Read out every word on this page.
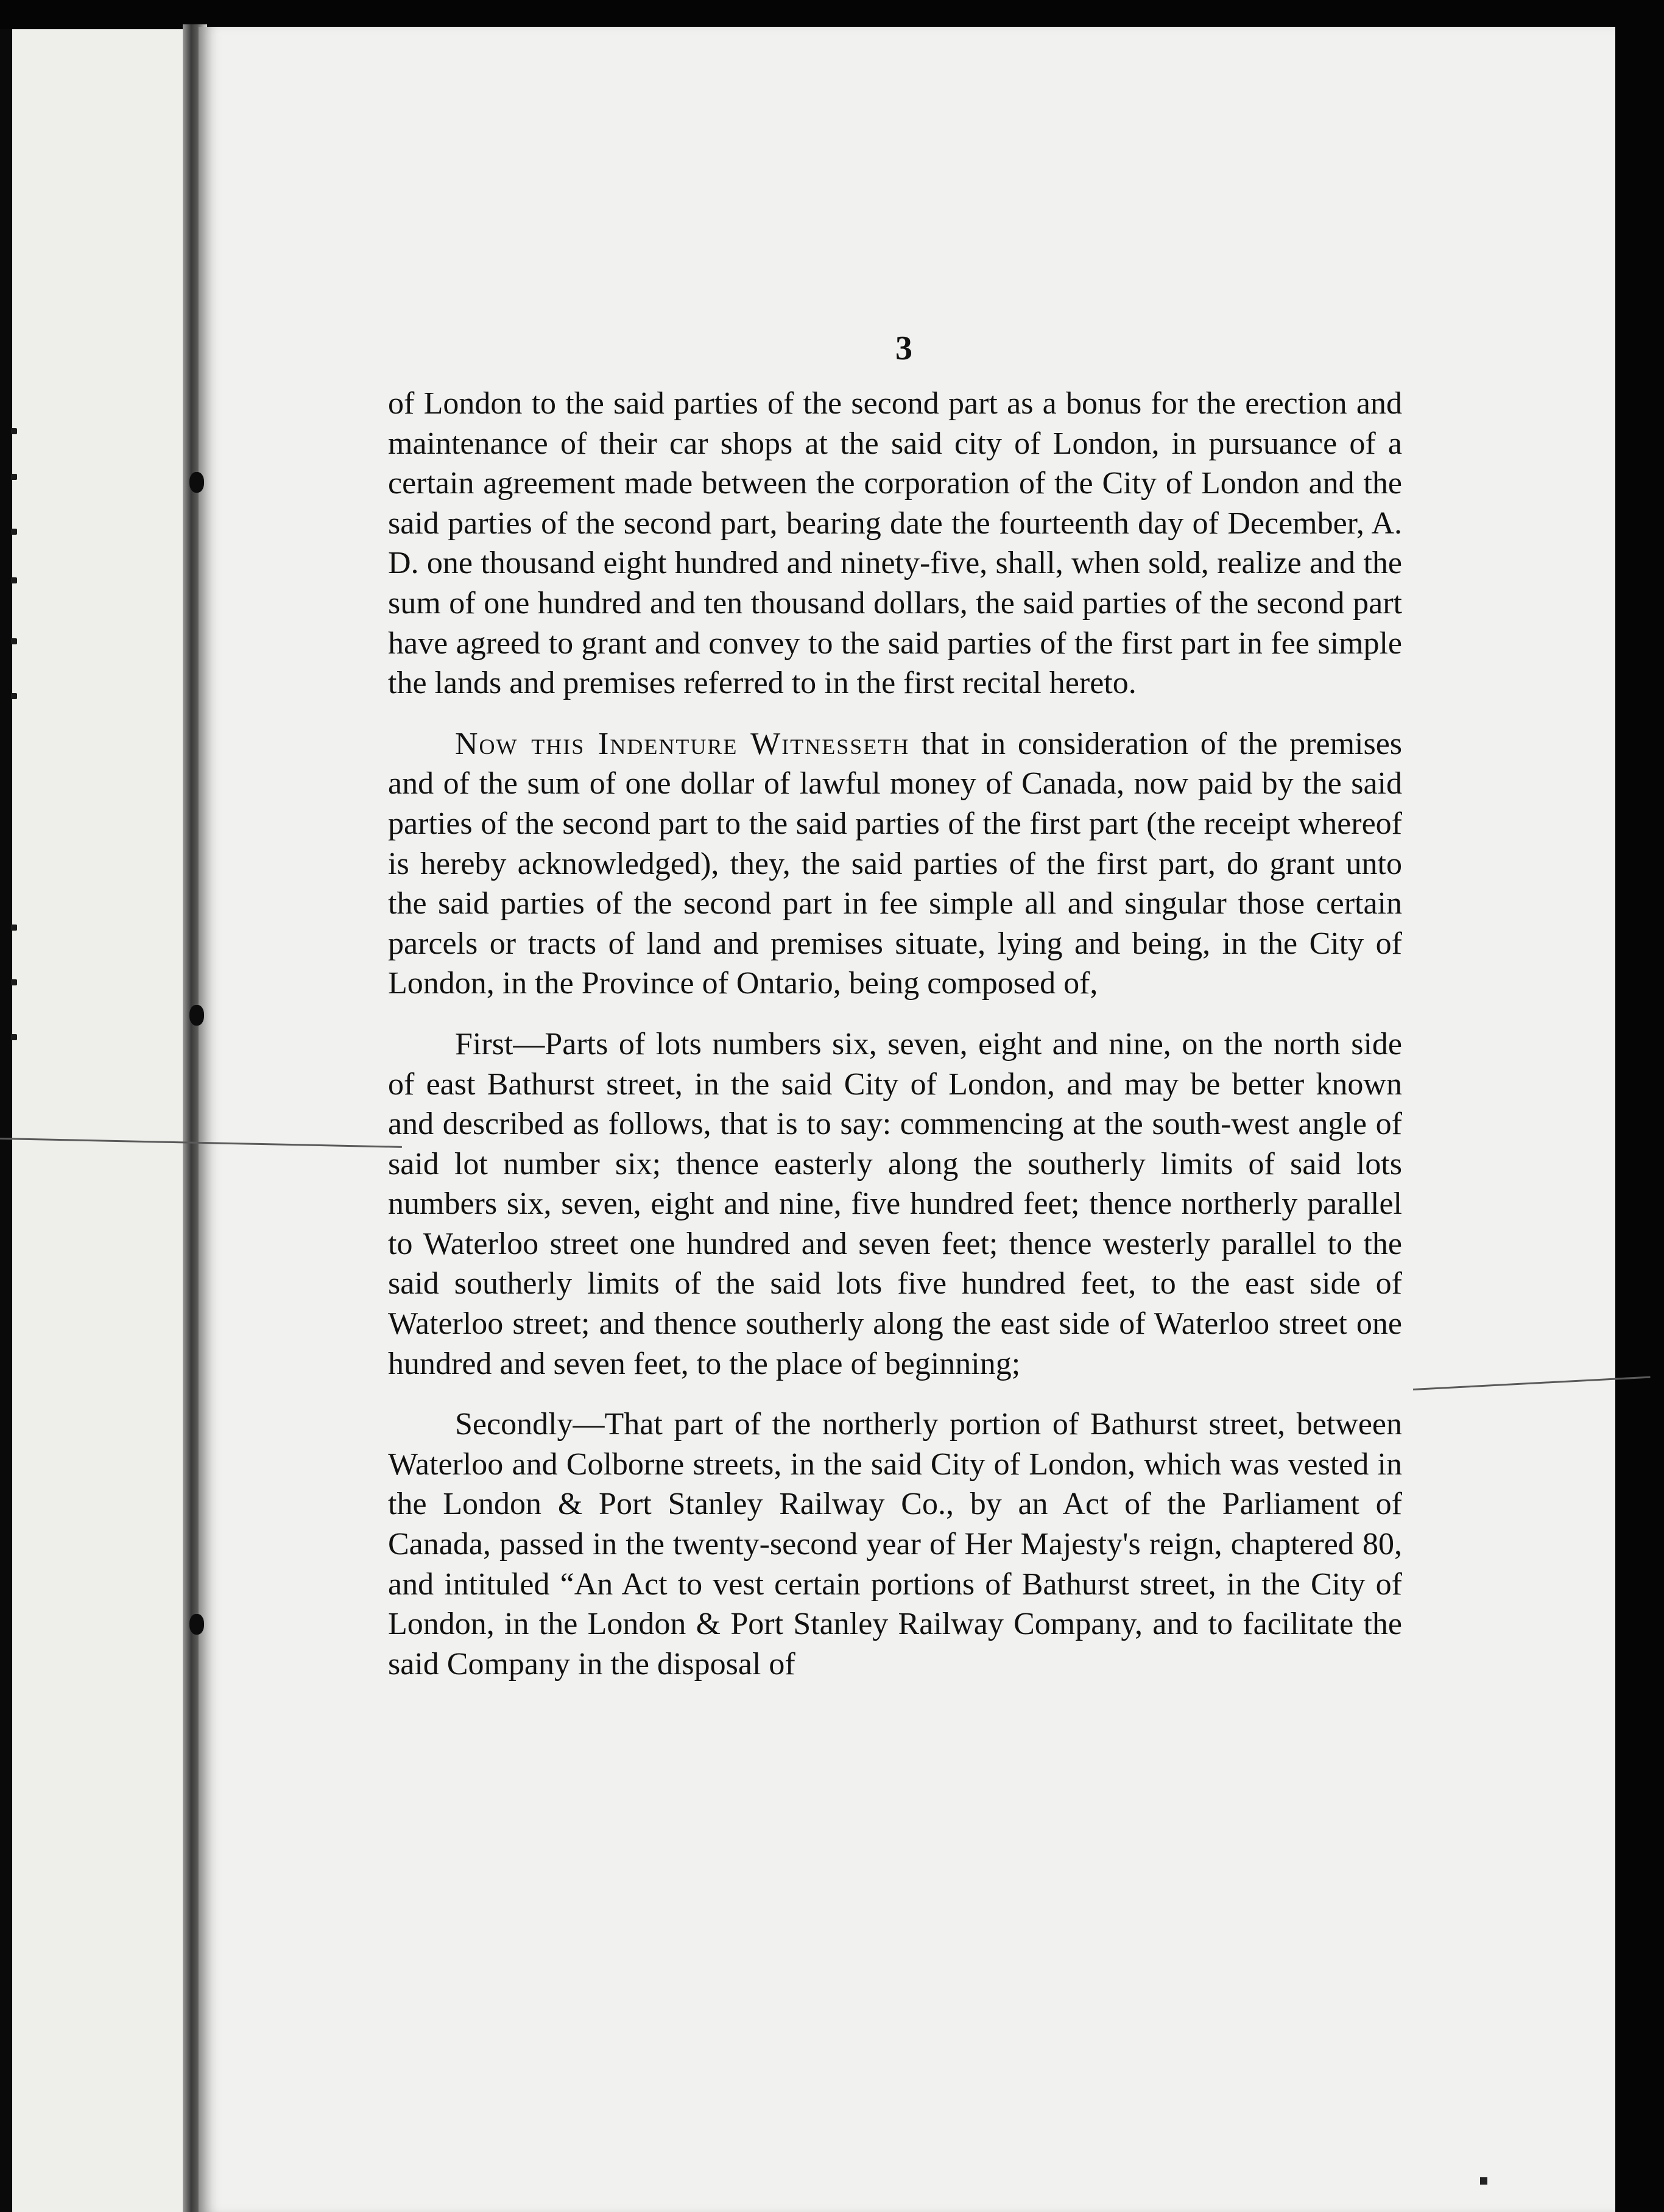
3

of London to the said parties of the second part as a bonus for the erection and maintenance of their car shops at the said city of London, in pursuance of a certain agreement made between the corporation of the City of London and the said parties of the second part, bearing date the fourteenth day of December, A. D. one thousand eight hundred and ninety-five, shall, when sold, realize and the sum of one hundred and ten thousand dollars, the said parties of the second part have agreed to grant and convey to the said parties of the first part in fee simple the lands and premises referred to in the first recital hereto.

Now this Indenture Witnesseth that in consideration of the premises and of the sum of one dollar of lawful money of Canada, now paid by the said parties of the second part to the said parties of the first part (the receipt whereof is hereby acknowledged), they, the said parties of the first part, do grant unto the said parties of the second part in fee simple all and singular those certain parcels or tracts of land and premises situate, lying and being, in the City of London, in the Province of Ontario, being composed of,

First—Parts of lots numbers six, seven, eight and nine, on the north side of east Bathurst street, in the said City of London, and may be better known and described as follows, that is to say: commencing at the south-west angle of said lot number six; thence easterly along the southerly limits of said lots numbers six, seven, eight and nine, five hundred feet; thence northerly parallel to Waterloo street one hundred and seven feet; thence westerly parallel to the said southerly limits of the said lots five hundred feet, to the east side of Waterloo street; and thence southerly along the east side of Waterloo street one hundred and seven feet, to the place of beginning;

Secondly—That part of the northerly portion of Bathurst street, between Waterloo and Colborne streets, in the said City of London, which was vested in the London & Port Stanley Railway Co., by an Act of the Parliament of Canada, passed in the twenty-second year of Her Majesty's reign, chaptered 80, and intituled “An Act to vest certain portions of Bathurst street, in the City of London, in the London & Port Stanley Railway Company, and to facilitate the said Company in the disposal of
